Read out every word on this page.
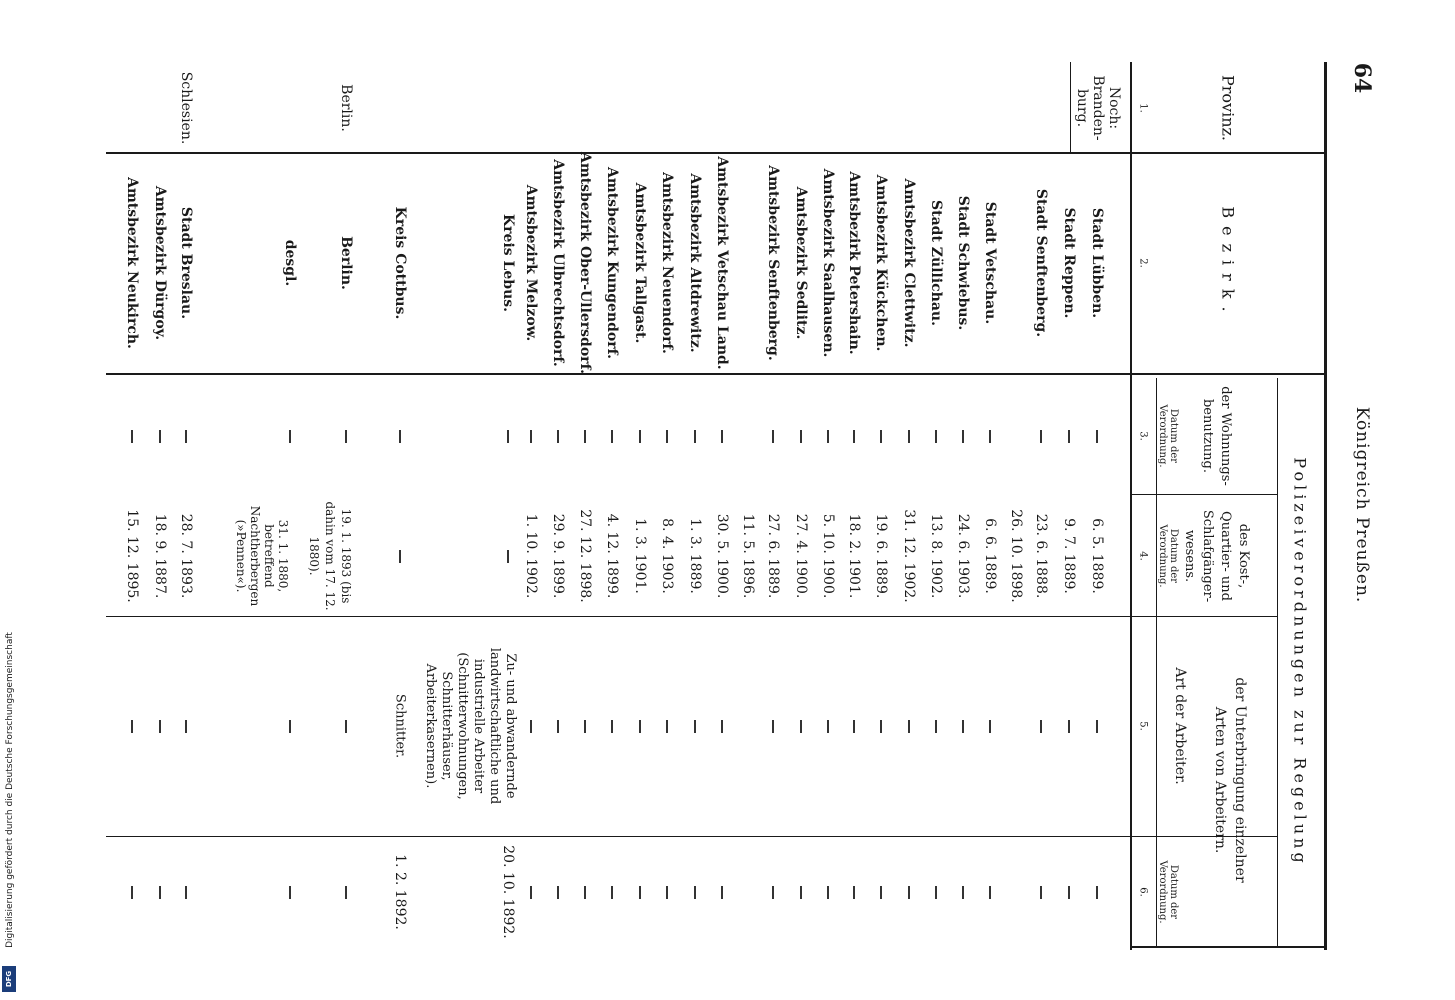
64
Königreich Preußen.
Provinz.
Bezirk.
Polizeiverordnungen zur Regelung
der Wohnungs-benutzung.
des Kost-, Quartier- und Schlafgänger-wesens.
der Unterbringung einzelner Arten von Arbeitern.
Art der Arbeiter.
Datum der Verordnung.
Datum der Verordnung.
Datum der Verordnung.
1.
2.
3.
4.
5.
6.
Noch: Branden-burg.
Stadt Lübben.
6. 5. 1889.
Stadt Reppen.
9. 7. 1889.
Stadt Senftenberg.
23. 6. 1888.
26. 10. 1898.
Stadt Vetschau.
6. 6. 1889.
Stadt Schwiebus.
24. 6. 1903.
Stadt Züllichau.
13. 8. 1902.
Amtsbezirk Clettwitz.
31. 12. 1902.
Amtsbezirk Kückchen.
19. 6. 1889.
Amtsbezirk Petershain.
18. 2. 1901.
Amtsbezirk Saalhausen.
5. 10. 1900.
Amtsbezirk Sedlitz.
27. 4. 1900.
Amtsbezirk Senftenberg.
27. 6. 1889.
11. 5. 1896.
Amtsbezirk Vetschau Land.
30. 5. 1900.
Amtsbezirk Altdrewitz.
1. 3. 1889.
Amtsbezirk Neuendorf.
8. 4. 1903.
Amtsbezirk Tallgast.
1. 3. 1901.
Amtsbezirk Kungendorf.
4. 12. 1899.
Amtsbezirk Ober-Ullersdorf.
27. 12. 1898.
Amtsbezirk Ulbrechtsdorf.
29. 9. 1899.
Amtsbezirk Melzow.
1. 10. 1902.
Kreis Lebus.
Zu- und abwandernde landwirtschaftliche und industrielle Arbeiter (Schnitterwohnungen, Schnitterhäuser, Arbeiterkasernen).
20. 10. 1892.
Kreis Cottbus.
Schnitter.
1. 2. 1892.
Berlin.
Berlin.
19. 1. 1893 (bis dahin vom 17. 12. 1880).
desgl.
31. 1. 1880, betreffend Nachtherbergen (»Pennen«).
Schlesien.
Stadt Breslau.
28. 7. 1893.
Amtsbezirk Dürgoy.
18. 9. 1887.
Amtsbezirk Neukirch.
15. 12. 1895.
Digitalisierung gefördert durch die Deutsche Forschungsgemeinschaft
DFG
